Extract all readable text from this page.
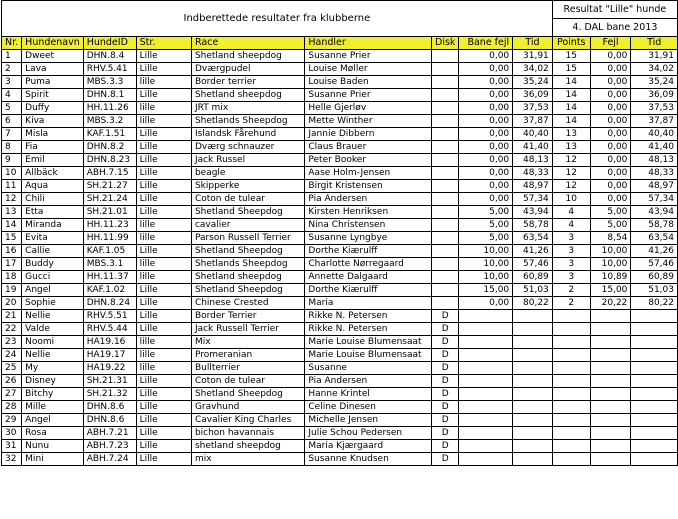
Indberettede resultater fra klubberne									Resultat "Lille" hunde		
									4. DAL bane 2013		
Nr.	Hundenavn	HundeID	Str.	Race	Handler	Disk	Bane fejl	Tid	Points	Fejl	Tid
1	Dweet	DHN.8.4	Lille	Shetland sheepdog	Susanne Prier		0,00	31,91	15	0,00	31,91
2	Lava	RHV.5.41	Lille	Dværgpudel	Louise Møller		0,00	34,02	15	0,00	34,02
3	Puma	MBS.3.3	lille	Border terrier	Louise Baden		0,00	35,24	14	0,00	35,24
4	Spirit	DHN.8.1	Lille	Shetland sheepdog	Susanne Prier		0,00	36,09	14	0,00	36,09
5	Duffy	HH.11.26	lille	JRT mix	Helle Gjerløv		0,00	37,53	14	0,00	37,53
6	Kiva	MBS.3.2	lille	Shetlands Sheepdog	Mette Winther		0,00	37,87	14	0,00	37,87
7	Misla	KAF.1.51	Lille	Islandsk Fårehund	Jannie Dibbern		0,00	40,40	13	0,00	40,40
8	Fia	DHN.8.2	Lille	Dværg schnauzer	Claus Brauer		0,00	41,40	13	0,00	41,40
9	Emil	DHN.8.23	Lille	Jack Russel	Peter Booker		0,00	48,13	12	0,00	48,13
10	Allbäck	ABH.7.15	Lille	beagle	Aase Holm-Jensen		0,00	48,33	12	0,00	48,33
11	Aqua	SH.21.27	Lille	Skipperke	Birgit Kristensen		0,00	48,97	12	0,00	48,97
12	Chili	SH.21.24	Lille	Coton de tulear	Pia Andersen		0,00	57,34	10	0,00	57,34
13	Etta	SH.21.01	Lille	Shetland Sheepdog	Kirsten Henriksen		5,00	43,94	4	5,00	43,94
14	Miranda	HH.11.23	lille	cavalier	Nina Christensen		5,00	58,78	4	5,00	58,78
15	Evita	HH.11.99	lille	Parson Russell Terrier	Susanne Lyngbye		5,00	63,54	3	8,54	63,54
16	Callie	KAF.1.05	Lille	Shetland Sheepdog	Dorthe Kiærulff		10,00	41,26	3	10,00	41,26
17	Buddy	MBS.3.1	lille	Shetlands Sheepdog	Charlotte Nørregaard		10,00	57,46	3	10,00	57,46
18	Gucci	HH.11.37	lille	Shetland sheepdog	Annette Dalgaard		10,00	60,89	3	10,89	60,89
19	Angel	KAF.1.02	Lille	Shetland Sheepdog	Dorthe Kiærulff		15,00	51,03	2	15,00	51,03
20	Sophie	DHN.8.24	Lille	Chinese Crested	Maria		0,00	80,22	2	20,22	80,22
21	Nellie	RHV.5.51	Lille	Border Terrier	Rikke N. Petersen	D					
22	Valde	RHV.5.44	Lille	Jack Russell Terrier	Rikke N. Petersen	D					
23	Noomi	HA19.16	lille	Mix	Marie Louise Blumensaat	D					
24	Nellie	HA19.17	lille	Promeranian	Marie Louise Blumensaat	D					
25	My	HA19.22	lille	Bullterrier	Susanne	D					
26	Disney	SH.21.31	Lille	Coton de tulear	Pia Andersen	D					
27	Bitchy	SH.21.32	Lille	Shetland Sheepdog	Hanne Krintel	D					
28	Mille	DHN.8.6	Lille	Gravhund	Celine Dinesen	D					
29	Angel	DHN.8.6	Lille	Cavalier King Charles	Michelle Jensen	D					
30	Rosa	ABH.7.21	Lille	bichon havannais	Julie Schou Pedersen	D					
31	Nunu	ABH.7.23	Lille	shetland sheepdog	Maria Kjærgaard	D					
32	Mini	ABH.7.24	Lille	mix	Susanne Knudsen	D					
